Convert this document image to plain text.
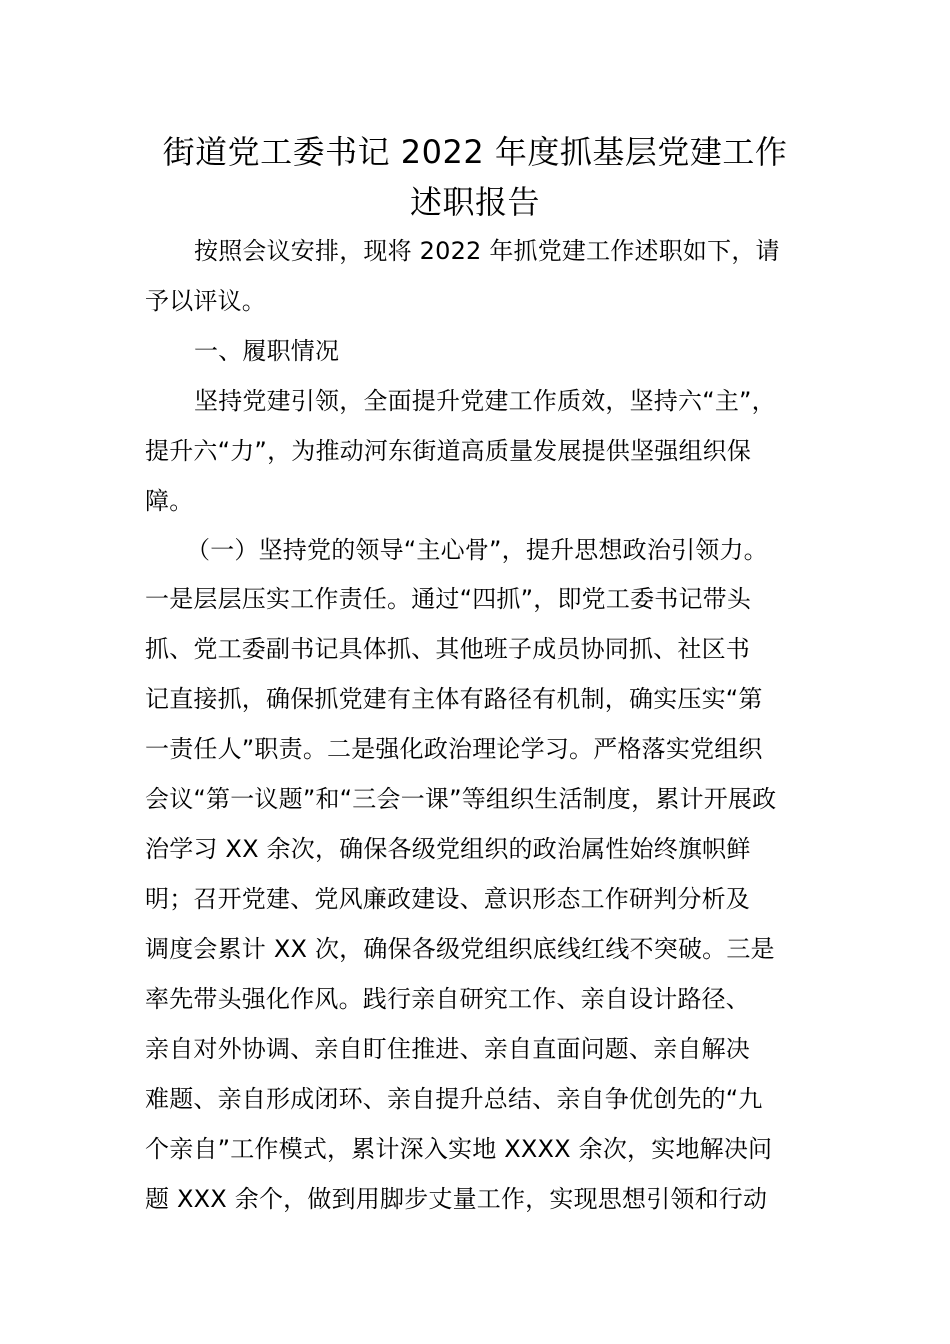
街道党工委书记 2022 年度抓基层党建工作
述职报告
按照会议安排，现将 2022 年抓党建工作述职如下，请
予以评议。
一、履职情况
坚持党建引领，全面提升党建工作质效，坚持六“主”，
提升六“力”，为推动河东街道高质量发展提供坚强组织保
障。
（一）坚持党的领导“主心骨”，提升思想政治引领力。
一是层层压实工作责任。通过“四抓”，即党工委书记带头
抓、党工委副书记具体抓、其他班子成员协同抓、社区书
记直接抓，确保抓党建有主体有路径有机制，确实压实“第
一责任人”职责。二是强化政治理论学习。严格落实党组织
会议“第一议题”和“三会一课”等组织生活制度，累计开展政
治学习 XX 余次，确保各级党组织的政治属性始终旗帜鲜
明；召开党建、党风廉政建设、意识形态工作研判分析及
调度会累计 XX 次，确保各级党组织底线红线不突破。三是
率先带头强化作风。践行亲自研究工作、亲自设计路径、
亲自对外协调、亲自盯住推进、亲自直面问题、亲自解决
难题、亲自形成闭环、亲自提升总结、亲自争优创先的“九
个亲自”工作模式，累计深入实地 XXXX 余次，实地解决问
题 XXX 余个，做到用脚步丈量工作，实现思想引领和行动
